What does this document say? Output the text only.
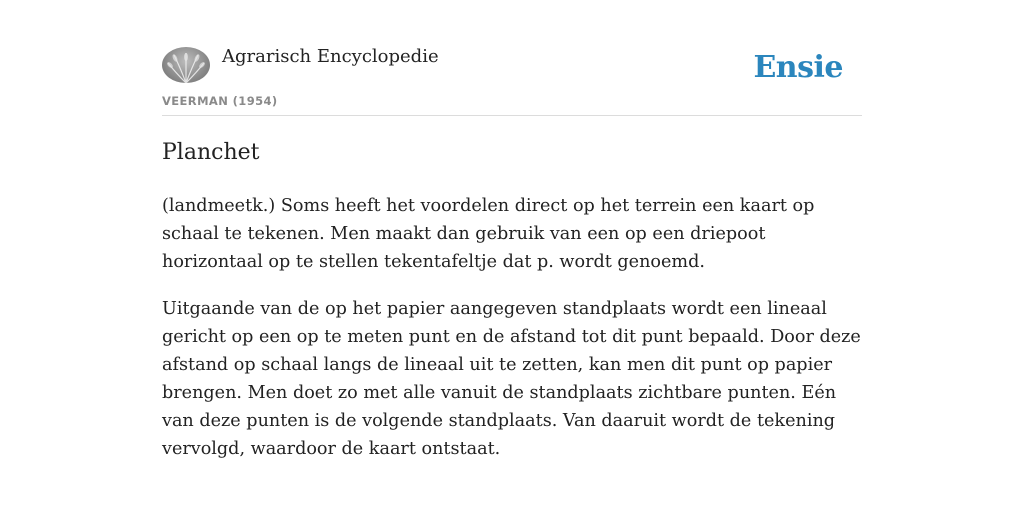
Agrarisch Encyclopedie
VEERMAN (1954)
Ensie
Planchet

(landmeetk.) Soms heeft het voordelen direct op het terrein een kaart op schaal te tekenen. Men maakt dan gebruik van een op een driepoot horizontaal op te stellen tekentafeltje dat p. wordt genoemd.

Uitgaande van de op het papier aangegeven standplaats wordt een lineaal gericht op een op te meten punt en de afstand tot dit punt bepaald. Door deze afstand op schaal langs de lineaal uit te zetten, kan men dit punt op papier brengen. Men doet zo met alle vanuit de standplaats zichtbare punten. Eén van deze punten is de volgende standplaats. Van daaruit wordt de tekening vervolgd, waardoor de kaart ontstaat.
